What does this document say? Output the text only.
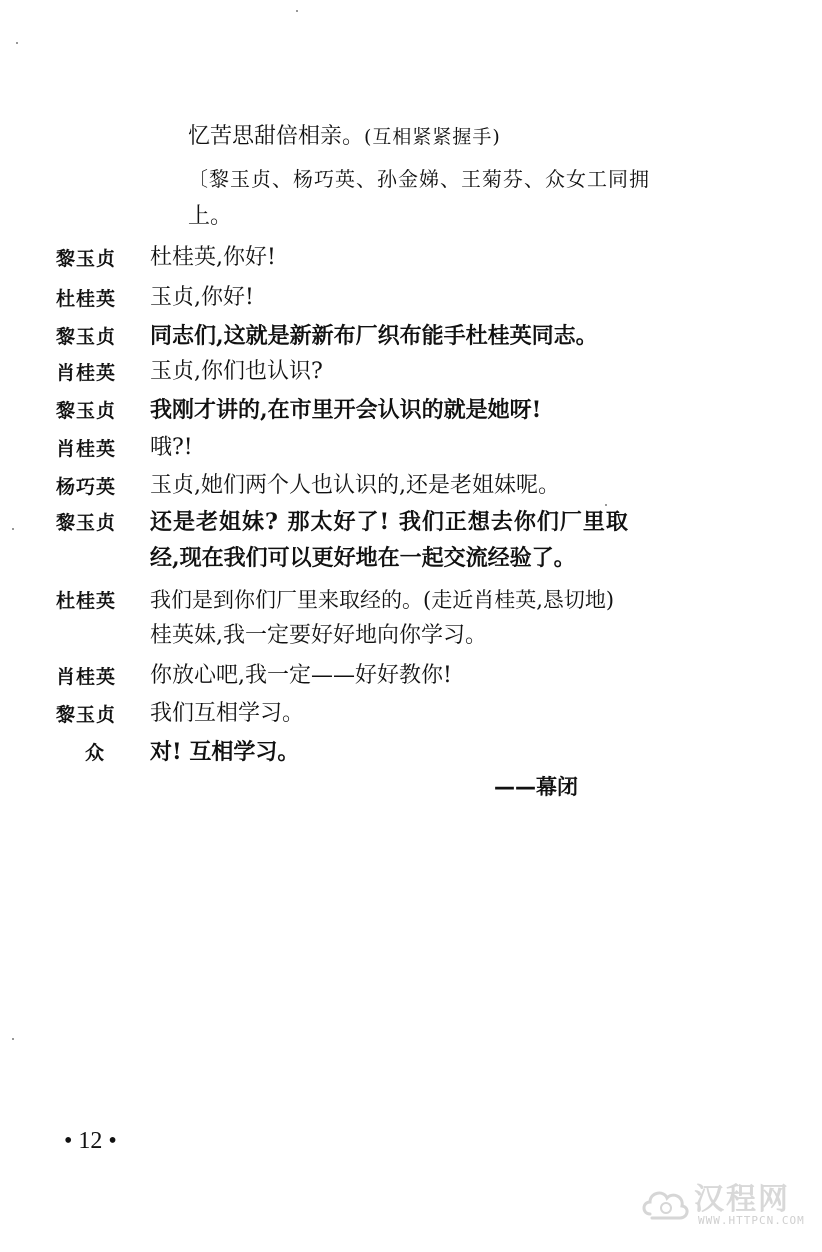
忆苦思甜倍相亲。(互相紧紧握手)
〔黎玉贞、杨巧英、孙金娣、王菊芬、众女工同拥
上。
黎玉贞	杜桂英,你好!
杜桂英	玉贞,你好!
黎玉贞	同志们,这就是新新布厂织布能手杜桂英同志。
肖桂英	玉贞,你们也认识?
黎玉贞	我刚才讲的,在市里开会认识的就是她呀!
肖桂英	哦?!
杨巧英	玉贞,她们两个人也认识的,还是老姐妹呢。
黎玉贞	还是老姐妹? 那太好了! 我们正想去你们厂里取
经,现在我们可以更好地在一起交流经验了。
杜桂英	我们是到你们厂里来取经的。(走近肖桂英,恳切地)
桂英妹,我一定要好好地向你学习。
肖桂英	你放心吧,我一定——好好教你!
黎玉贞	我们互相学习。
众	对! 互相学习。
——幕闭
• 12 •
汉程网
WWW.HTTPCN.COM
